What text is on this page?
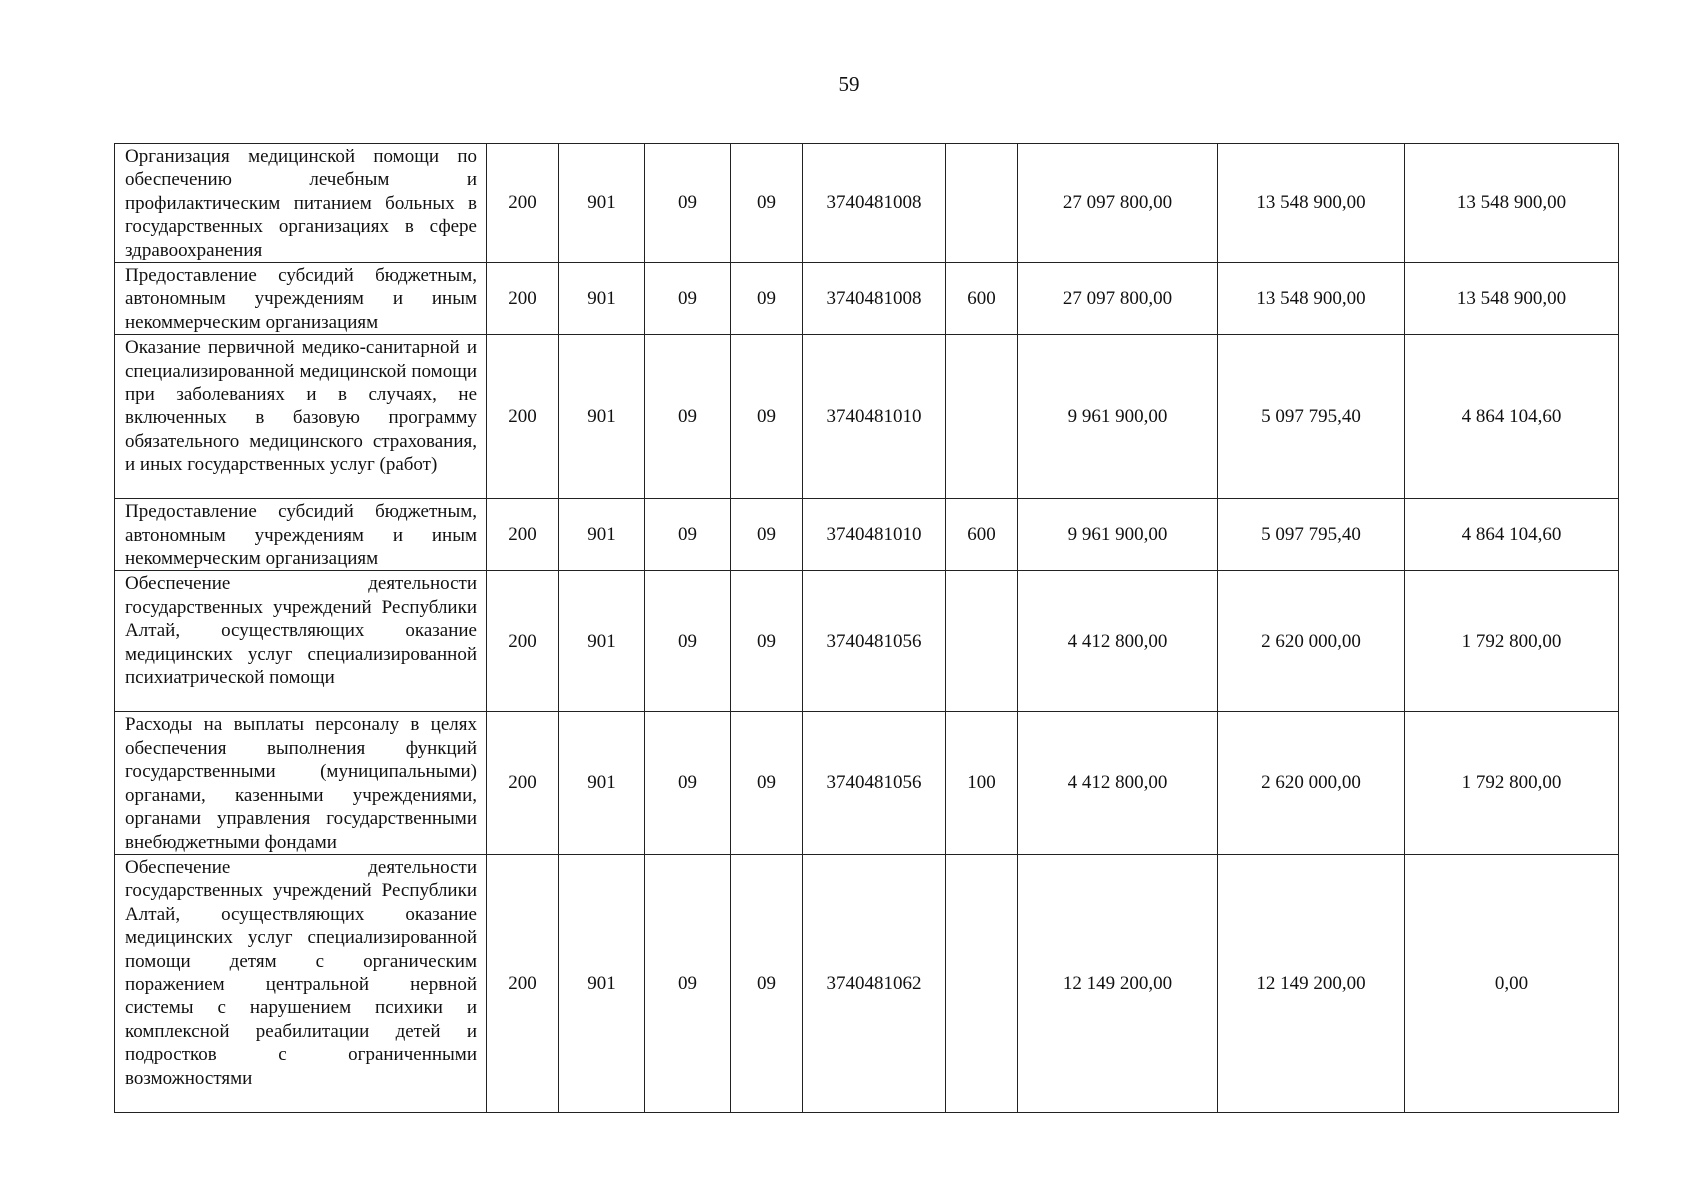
59
Организация медицинской помощи по обеспечению лечебным и профилактическим питанием больных в государственных организациях в сфере здравоохранения	200	901	09	09	3740481008		27 097 800,00	13 548 900,00	13 548 900,00
Предоставление субсидий бюджетным, автономным учреждениям и иным некоммерческим организациям	200	901	09	09	3740481008	600	27 097 800,00	13 548 900,00	13 548 900,00
Оказание первичной медико-санитарной и специализированной медицинской помощи при заболеваниях и в случаях, не включенных в базовую программу обязательного медицинского страхования, и иных государственных услуг (работ)	200	901	09	09	3740481010		9 961 900,00	5 097 795,40	4 864 104,60
Предоставление субсидий бюджетным, автономным учреждениям и иным некоммерческим организациям	200	901	09	09	3740481010	600	9 961 900,00	5 097 795,40	4 864 104,60
Обеспечение деятельности государственных учреждений Республики Алтай, осуществляющих оказание медицинских услуг специализированной психиатрической помощи	200	901	09	09	3740481056		4 412 800,00	2 620 000,00	1 792 800,00
Расходы на выплаты персоналу в целях обеспечения выполнения функций государственными (муниципальными) органами, казенными учреждениями, органами управления государственными внебюджетными фондами	200	901	09	09	3740481056	100	4 412 800,00	2 620 000,00	1 792 800,00
Обеспечение деятельности государственных учреждений Республики Алтай, осуществляющих оказание медицинских услуг специализированной помощи детям с органическим поражением центральной нервной системы с нарушением психики и комплексной реабилитации детей и подростков с ограниченными возможностями	200	901	09	09	3740481062		12 149 200,00	12 149 200,00	0,00
